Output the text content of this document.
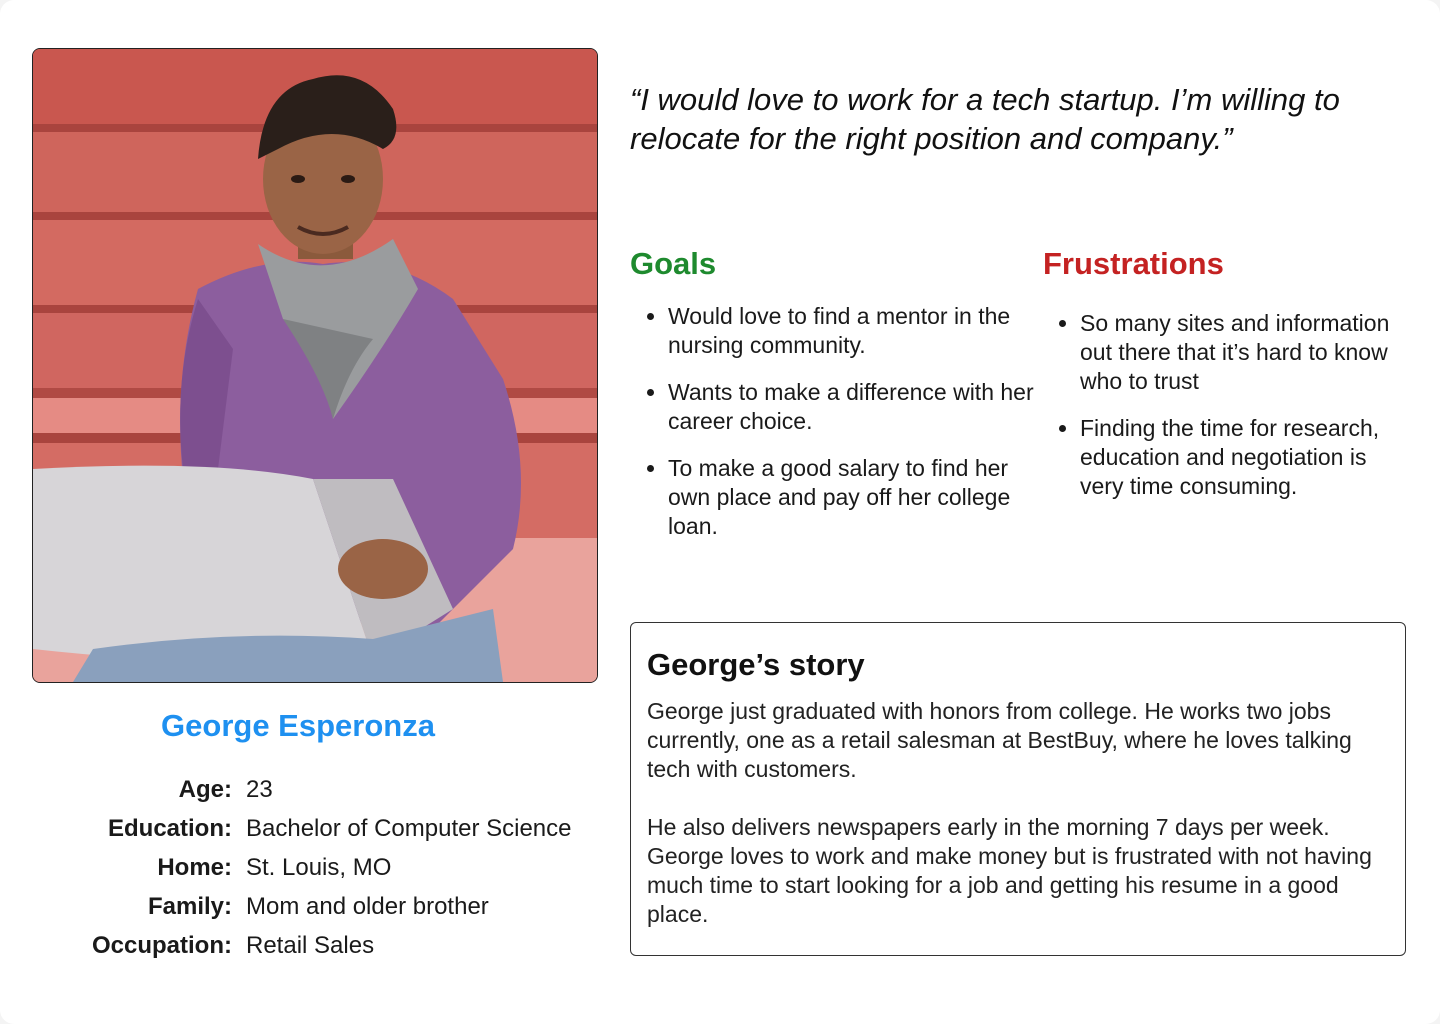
George Esperonza
Age: 23
Education: Bachelor of Computer Science
Home: St. Louis, MO
Family: Mom and older brother
Occupation: Retail Sales
“I would love to work for a tech startup. I’m willing to relocate for the right position and company.”
Goals
• Would love to find a mentor in the nursing community.
• Wants to make a difference with her career choice.
• To make a good salary to find her own place and pay off her college loan.
Frustrations
• So many sites and information out there that it’s hard to know who to trust
• Finding the time for research, education and negotiation is very time consuming.
George’s story

George just graduated with honors from college. He works two jobs currently, one as a retail salesman at BestBuy, where he loves talking tech with customers.

He also delivers newspapers early in the morning 7 days per week. George loves to work and make money but is frustrated with not having much time to start looking for a job and getting his resume in a good place.
